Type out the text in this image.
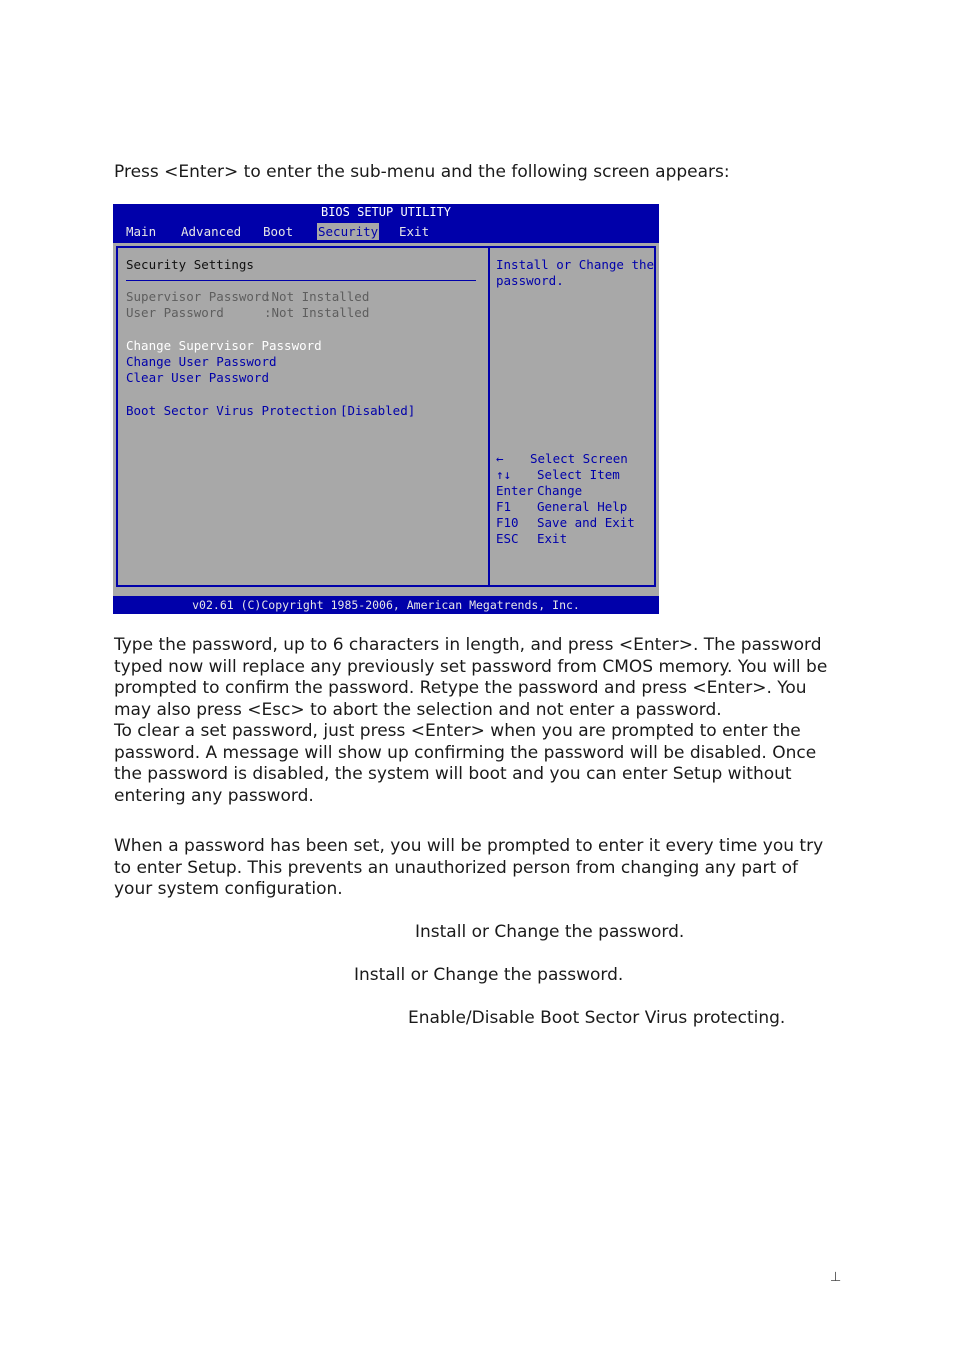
Press <Enter> to enter the sub-menu and the following screen appears:

BIOS SETUP UTILITY
Main Advanced Boot Security Exit
Security Settings
Supervisor Password
:Not Installed
User Password	:Not Installed
Change Supervisor Password
Change User Password
Clear User Password
Boot Sector Virus Protection [Disabled]
Install or Change the
password.
← Select Screen
↑↓ Select Item
Enter Change
F1 General Help
F10 Save and Exit
ESC Exit
v02.61 (C)Copyright 1985-2006, American Megatrends, Inc.
Type the password, up to 6 characters in length, and press <Enter>. The password
typed now will replace any previously set password from CMOS memory. You will be
prompted to confirm the password. Retype the password and press <Enter>. You
may also press <Esc> to abort the selection and not enter a password.
To clear a set password, just press <Enter> when you are prompted to enter the
password. A message will show up confirming the password will be disabled. Once
the password is disabled, the system will boot and you can enter Setup without
entering any password.
When a password has been set, you will be prompted to enter it every time you try
to enter Setup. This prevents an unauthorized person from changing any part of
your system configuration.
Install or Change the password.
Install or Change the password.
Enable/Disable Boot Sector Virus protecting.
⊥
